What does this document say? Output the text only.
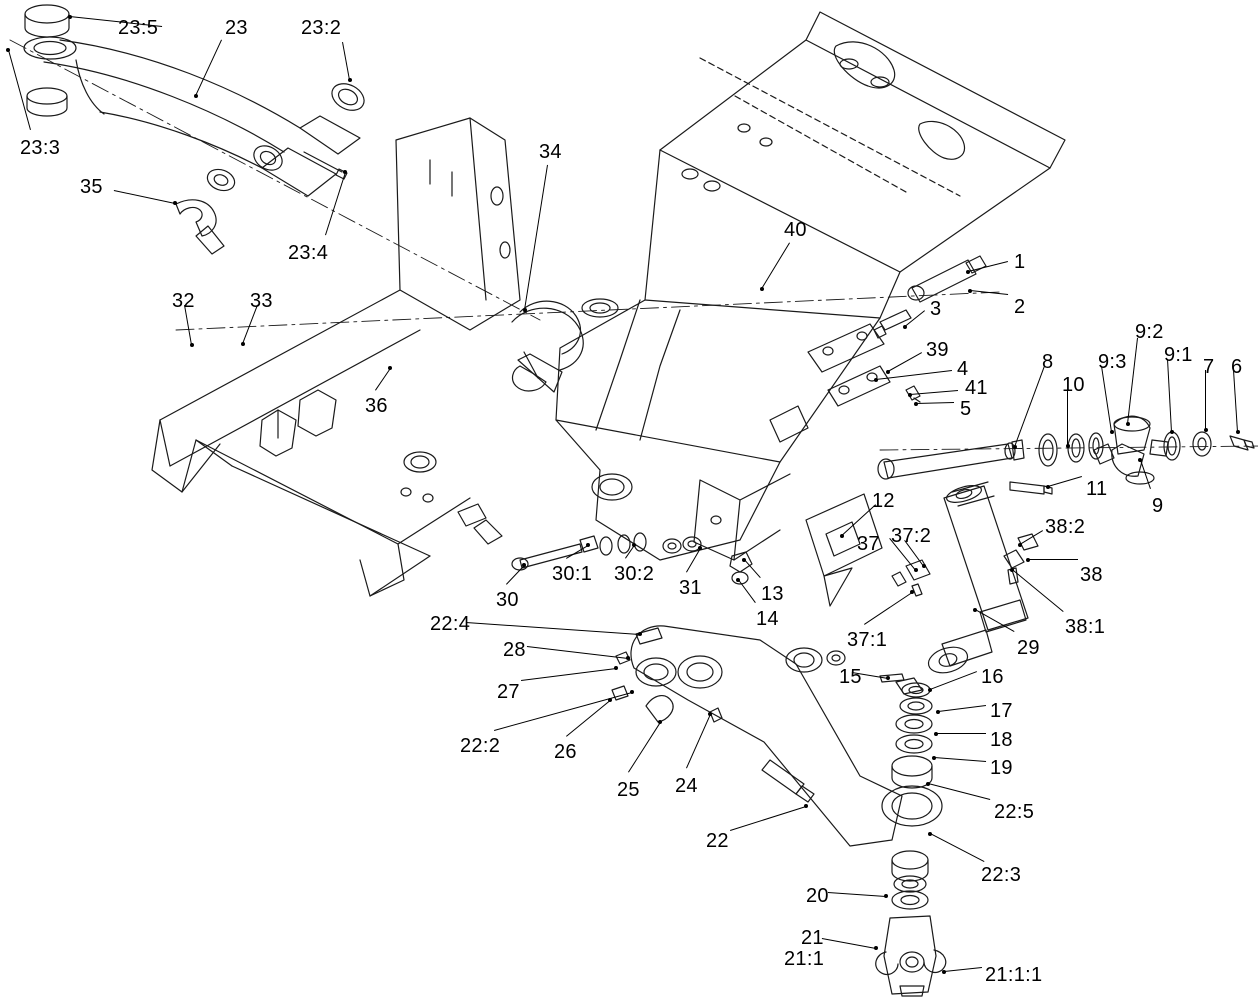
23:5	23	23:2
23:3
35
23:4
34
40
1
2
3
39
4
41
5
32	33
36
8
9:2
9:3 9:1
7 6
10
11
9
12
37 37:2	38:2
38
38:1
37:1	29
30
30:1 30:2
31	13
14
22:4
28
27
22:2	26
25 24
15	16
17
18
19
22:5
22
22:3
20
21
21:1
21:1:1
